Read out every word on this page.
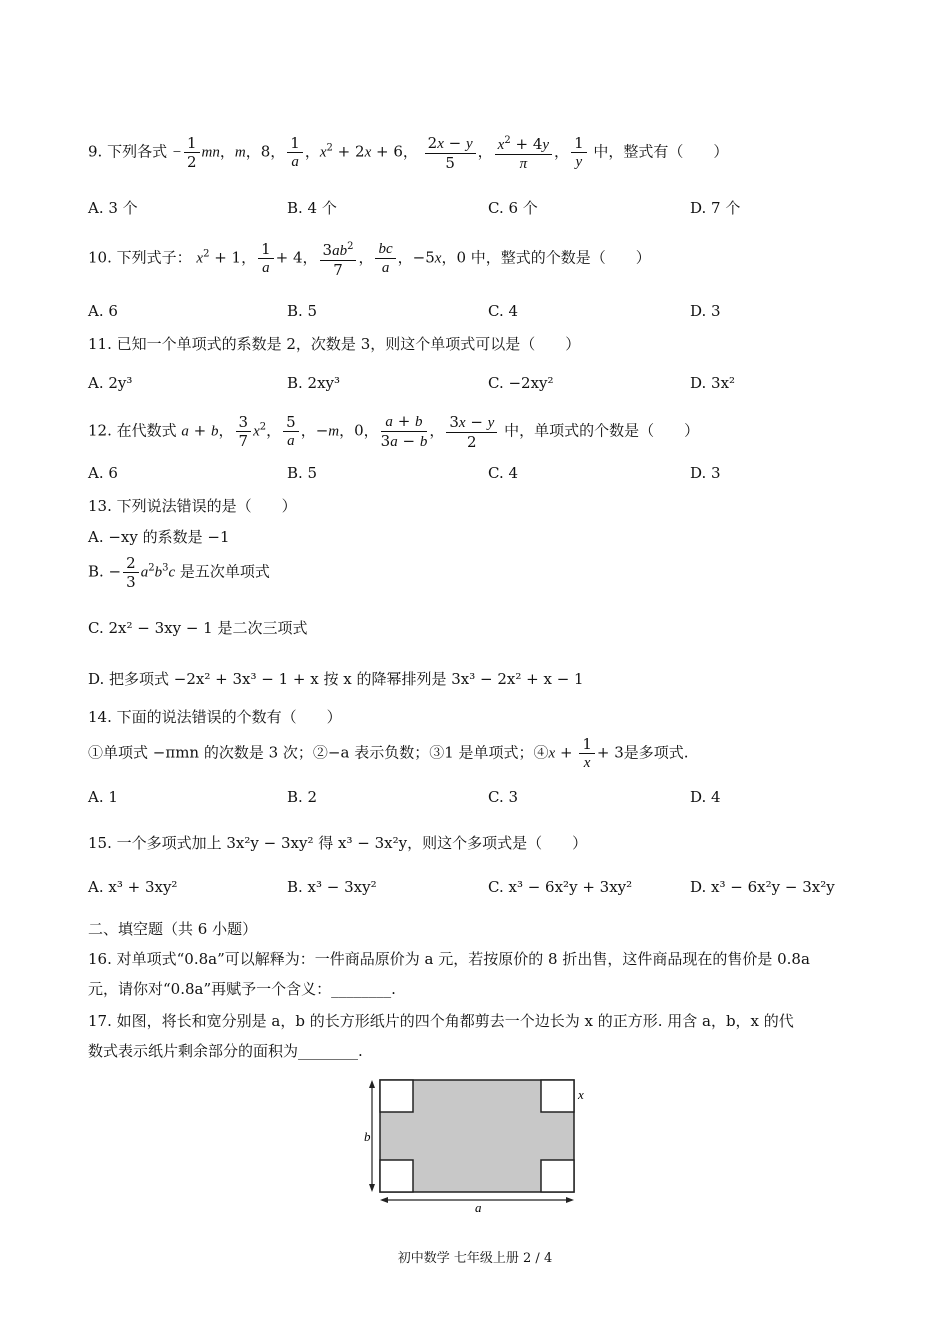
9. 下列各式 − $\frac{1}{2}$ mn，m，8， $\frac{1}{a}$ ，$x^2 + 2x + 6$， $\frac{2x - y}{5}$ ， $\frac{x^2 + 4y}{\pi}$ ， $\frac{1}{y}$ 中，整式有（　　）
A. 3 个	B. 4 个	C. 6 个	D. 7 个
10. 下列式子： $x^2 + 1$， $\frac{1}{a} + 4$， $\frac{3ab^2}{7}$ ， $\frac{bc}{a}$ ，−5x，0 中，整式的个数是（　　）
A. 6	B. 5	C. 4	D. 3
11. 已知一个单项式的系数是 2，次数是 3，则这个单项式可以是（　　）
A. 2y³	B. 2xy³	C. −2xy²	D. 3x²
12. 在代数式 a + b， $\frac{3}{7} x^2$， $\frac{5}{a}$ ，−m，0， $\frac{a + b}{3a - b}$ ， $\frac{3x - y}{2}$ 中，单项式的个数是（　　）
A. 6	B. 5	C. 4	D. 3
13. 下列说法错误的是（　　）
A. −xy 的系数是 −1
B. − $\frac{2}{3} a^2b^3c$ 是五次单项式
C. 2x² − 3xy − 1 是二次三项式
D. 把多项式 −2x² + 3x³ − 1 + x 按 x 的降幂排列是 3x³ − 2x² + x − 1
14. 下面的说法错误的个数有（　　）
①单项式 −πmn 的次数是 3 次；②−a 表示负数；③1 是单项式；④x + $\frac{1}{x} + 3$是多项式.
A. 1	B. 2	C. 3	D. 4
15. 一个多项式加上 3x²y − 3xy² 得 x³ − 3x²y，则这个多项式是（　　）
A. x³ + 3xy²	B. x³ − 3xy²	C. x³ − 6x²y + 3xy²	D. x³ − 6x²y − 3x²y
二、填空题（共 6 小题）
16. 对单项式“0.8a”可以解释为：一件商品原价为 a 元，若按原价的 8 折出售，这件商品现在的售价是 0.8a
元，请你对“0.8a”再赋予一个含义：________.
17. 如图，将长和宽分别是 a，b 的长方形纸片的四个角都剪去一个边长为 x 的正方形. 用含 a，b，x 的代
数式表示纸片剩余部分的面积为________.
b
a
x
初中数学 七年级上册 2 / 4
